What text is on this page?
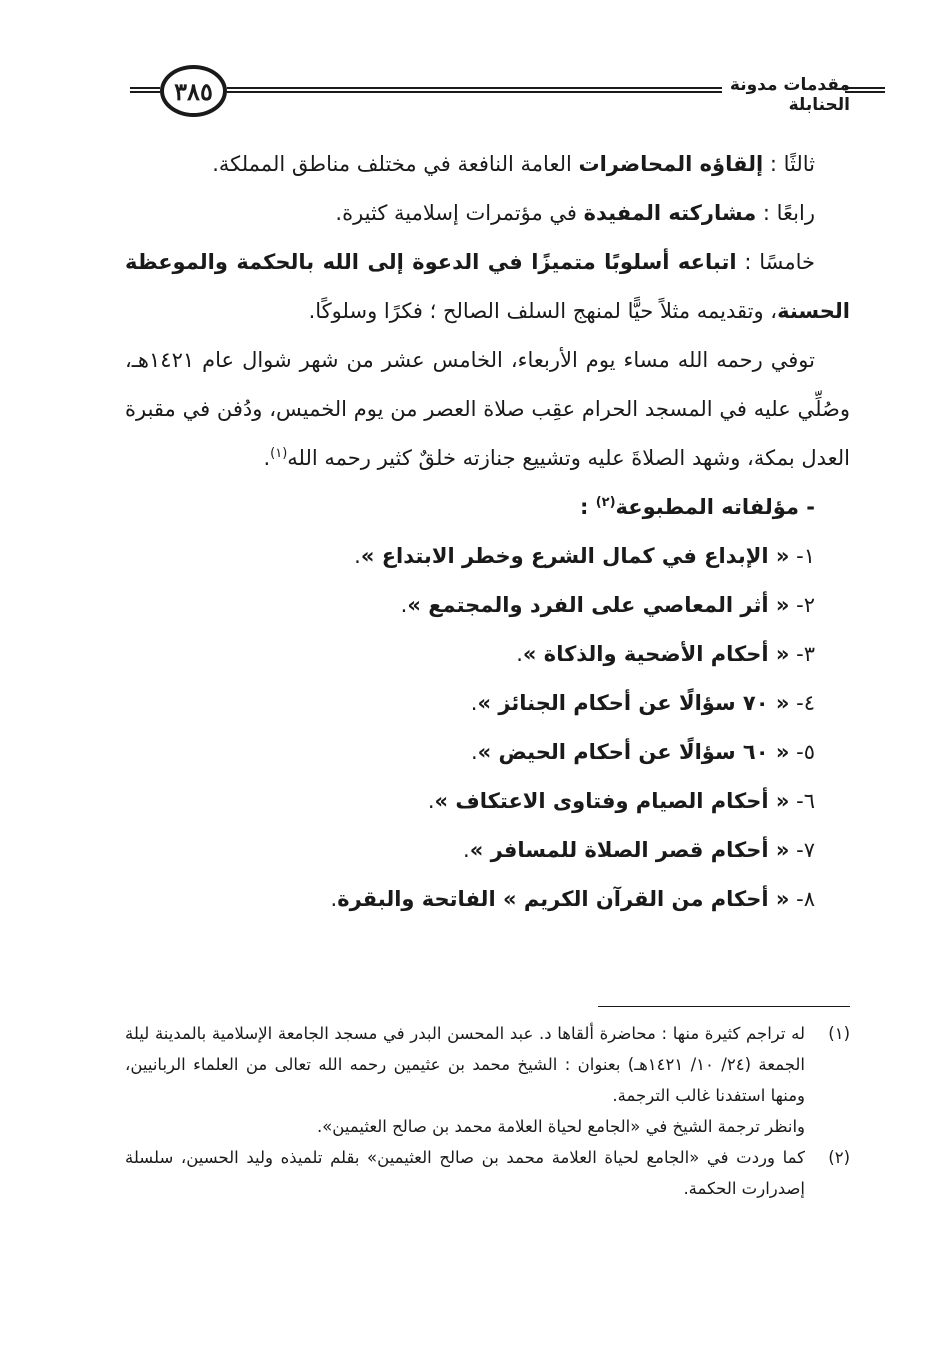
٣٨٥	مقدمات مدونة الحنابلة

ثالثًا : إلقاؤه المحاضرات العامة النافعة في مختلف مناطق المملكة.

رابعًا : مشاركته المفيدة في مؤتمرات إسلامية كثيرة.

خامسًا : اتباعه أسلوبًا متميزًا في الدعوة إلى الله بالحكمة والموعظة الحسنة، وتقديمه مثلاً حيًّا لمنهج السلف الصالح ؛ فكرًا وسلوكًا.

توفي رحمه الله مساء يوم الأربعاء، الخامس عشر من شهر شوال عام ١٤٢١هـ، وصُلِّي عليه في المسجد الحرام عقِب صلاة العصر من يوم الخميس، ودُفن في مقبرة العدل بمكة، وشهد الصلاةَ عليه وتشييع جنازته خلقٌ كثير رحمه الله$^{(١)}$.

- مؤلفاته المطبوعة$^{(٢)}$ :

١- « الإبداع في كمال الشرع وخطر الابتداع ».

٢- « أثر المعاصي على الفرد والمجتمع ».

٣- « أحكام الأضحية والذكاة ».

٤- « ٧٠ سؤالًا عن أحكام الجنائز ».

٥- « ٦٠ سؤالًا عن أحكام الحيض ».

٦- « أحكام الصيام وفتاوى الاعتكاف ».

٧- « أحكام قصر الصلاة للمسافر ».

٨- « أحكام من القرآن الكريم » الفاتحة والبقرة.

(١)
له تراجم كثيرة منها : محاضرة ألقاها د. عبد المحسن البدر في مسجد الجامعة الإسلامية بالمدينة ليلة الجمعة (٢٤/ ١٠/ ١٤٢١هـ) بعنوان : الشيخ محمد بن عثيمين رحمه الله تعالى من العلماء الربانيين، ومنها استفدنا غالب الترجمة.
وانظر ترجمة الشيخ في «الجامع لحياة العلامة محمد بن صالح العثيمين».
(٢)
كما وردت في «الجامع لحياة العلامة محمد بن صالح العثيمين» بقلم تلميذه وليد الحسين، سلسلة إصدرارت الحكمة.
